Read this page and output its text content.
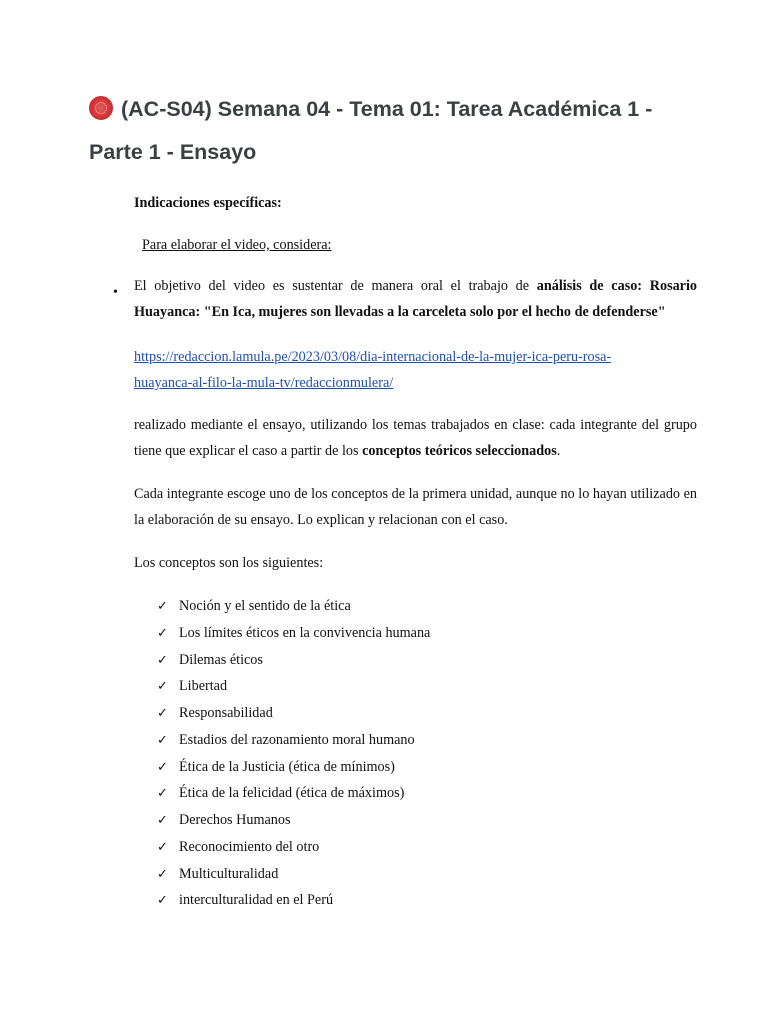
(AC-S04) Semana 04 - Tema 01: Tarea Académica 1 - Parte 1 - Ensayo

Indicaciones específicas:

Para elaborar el video, considera:

• El objetivo del video es sustentar de manera oral el trabajo de análisis de caso: Rosario Huayanca: "En Ica, mujeres son llevadas a la carceleta solo por el hecho de defenderse"

https://redaccion.lamula.pe/2023/03/08/dia-internacional-de-la-mujer-ica-peru-rosa-huayanca-al-filo-la-mula-tv/redaccionmulera/

realizado mediante el ensayo, utilizando los temas trabajados en clase: cada integrante del grupo tiene que explicar el caso a partir de los conceptos teóricos seleccionados.

Cada integrante escoge uno de los conceptos de la primera unidad, aunque no lo hayan utilizado en la elaboración de su ensayo. Lo explican y relacionan con el caso.

Los conceptos son los siguientes:

✓ Noción y el sentido de la ética
✓ Los límites éticos en la convivencia humana
✓ Dilemas éticos
✓ Libertad
✓ Responsabilidad
✓ Estadios del razonamiento moral humano
✓ Ética de la Justicia (ética de mínimos)
✓ Ética de la felicidad (ética de máximos)
✓ Derechos Humanos
✓ Reconocimiento del otro
✓ Multiculturalidad
✓ interculturalidad en el Perú
